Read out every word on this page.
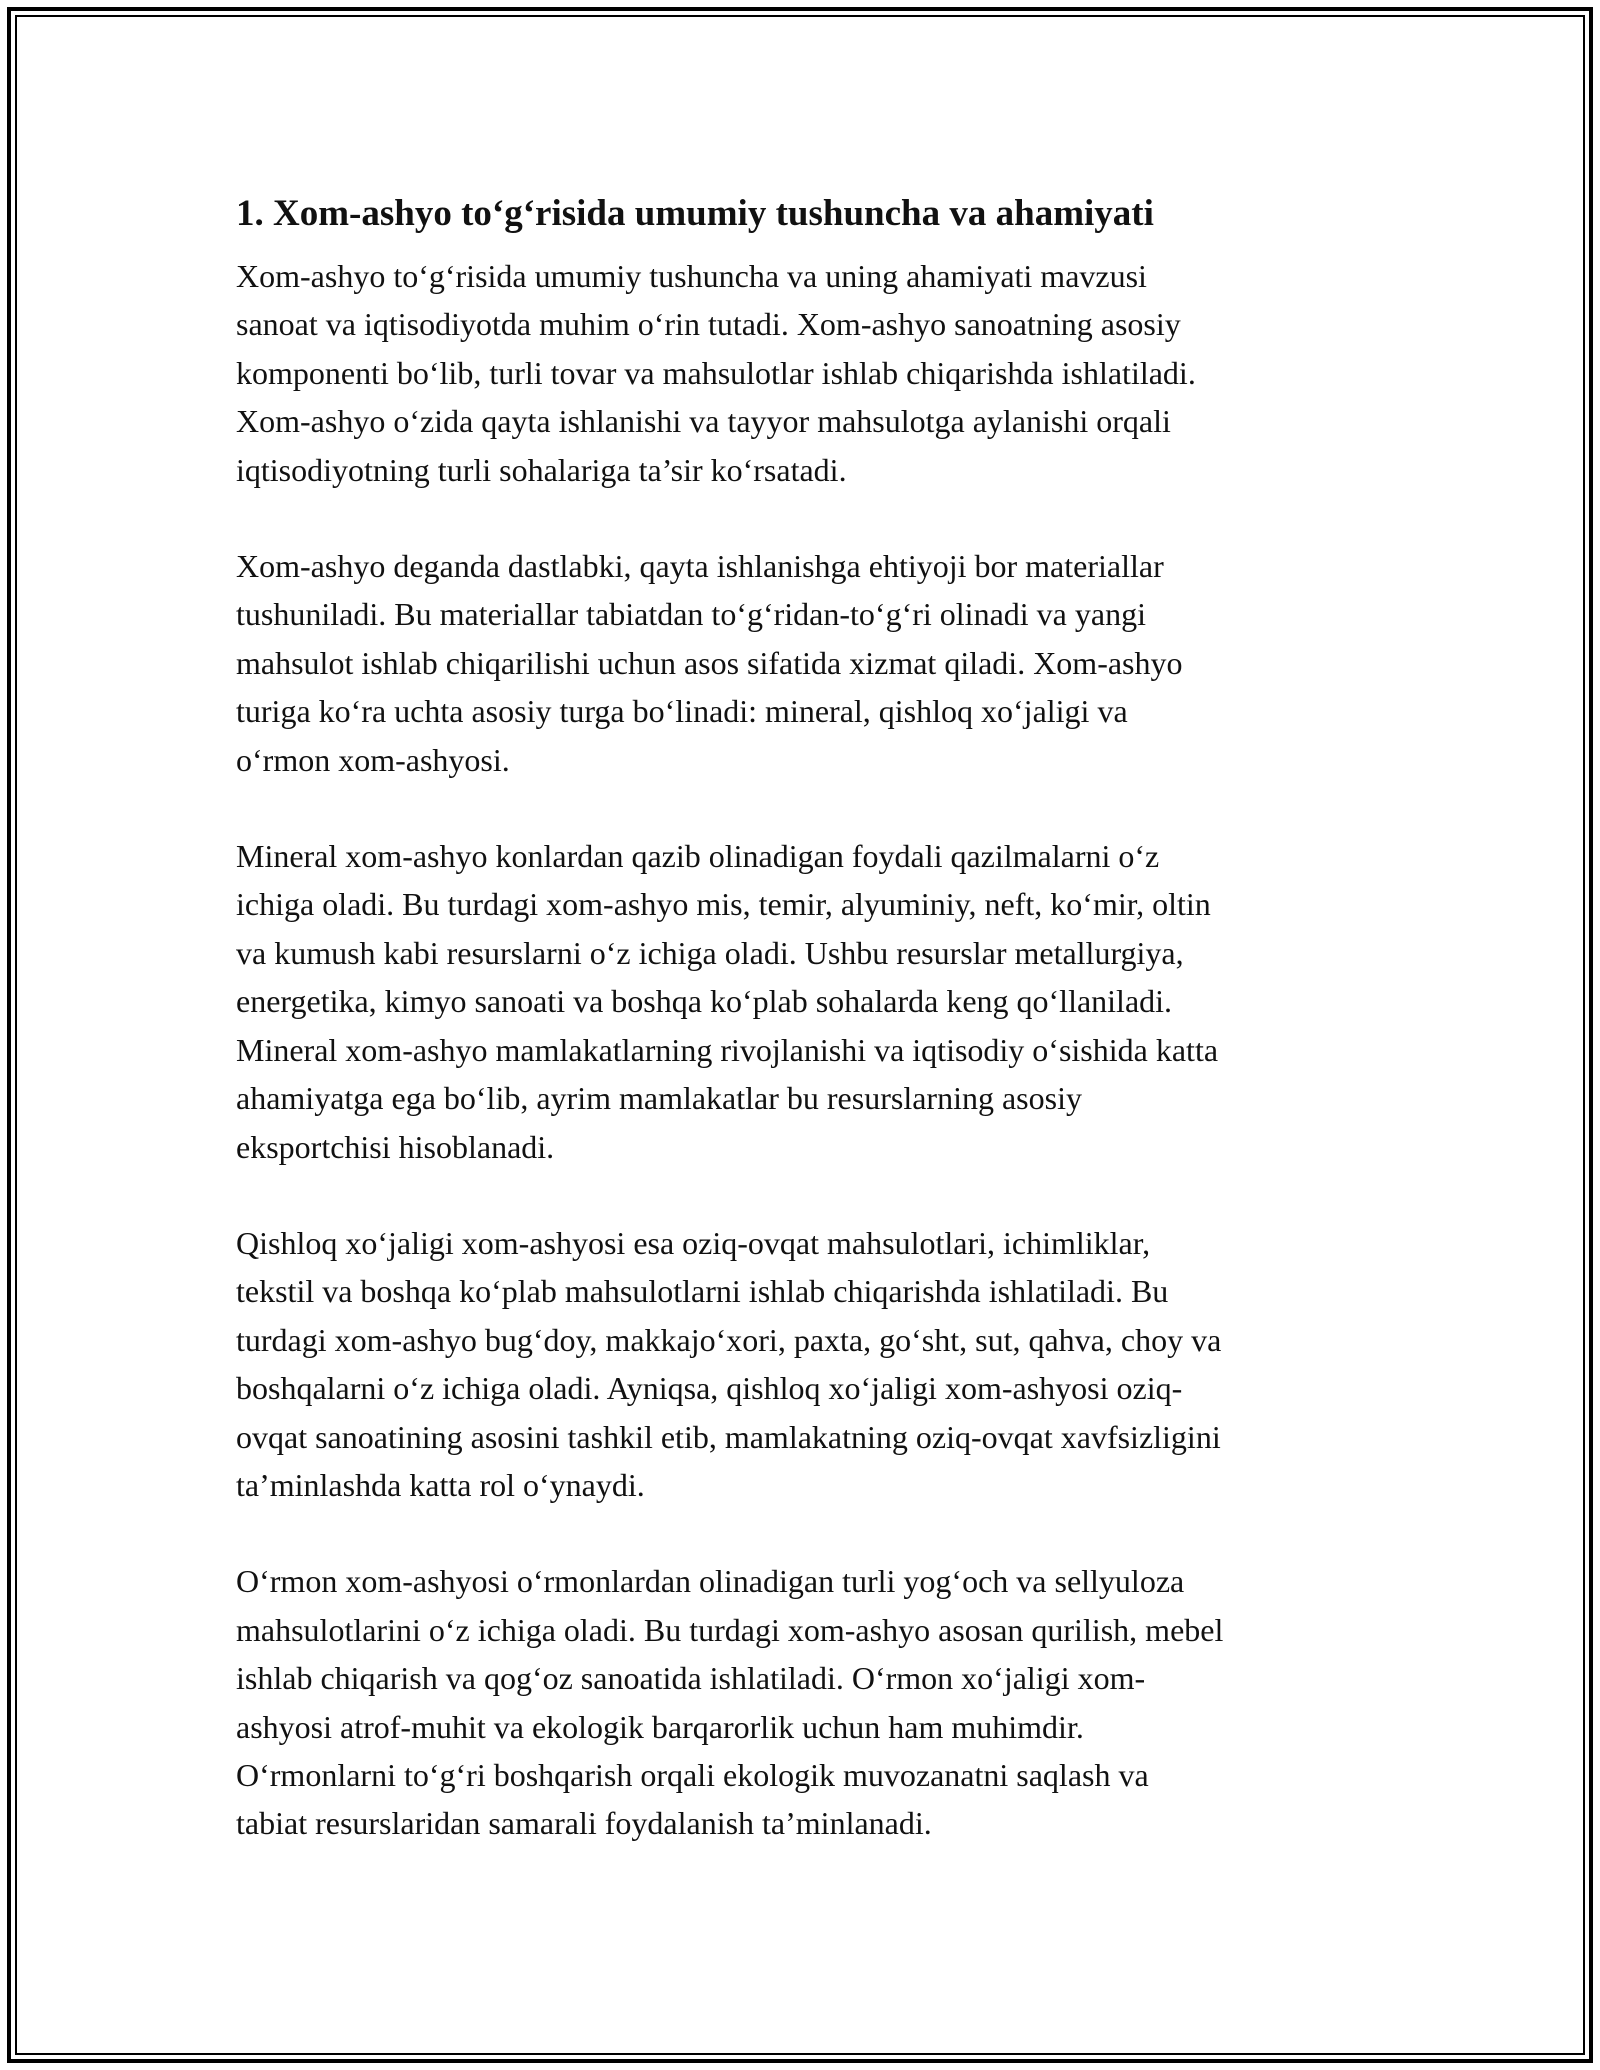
1. Xom-ashyo to‘g‘risida umumiy tushuncha va ahamiyati

Xom-ashyo to‘g‘risida umumiy tushuncha va uning ahamiyati mavzusi
sanoat va iqtisodiyotda muhim o‘rin tutadi. Xom-ashyo sanoatning asosiy
komponenti bo‘lib, turli tovar va mahsulotlar ishlab chiqarishda ishlatiladi.
Xom-ashyo o‘zida qayta ishlanishi va tayyor mahsulotga aylanishi orqali
iqtisodiyotning turli sohalariga ta’sir ko‘rsatadi.

Xom-ashyo deganda dastlabki, qayta ishlanishga ehtiyoji bor materiallar
tushuniladi. Bu materiallar tabiatdan to‘g‘ridan-to‘g‘ri olinadi va yangi
mahsulot ishlab chiqarilishi uchun asos sifatida xizmat qiladi. Xom-ashyo
turiga ko‘ra uchta asosiy turga bo‘linadi: mineral, qishloq xo‘jaligi va
o‘rmon xom-ashyosi.

Mineral xom-ashyo konlardan qazib olinadigan foydali qazilmalarni o‘z
ichiga oladi. Bu turdagi xom-ashyo mis, temir, alyuminiy, neft, ko‘mir, oltin
va kumush kabi resurslarni o‘z ichiga oladi. Ushbu resurslar metallurgiya,
energetika, kimyo sanoati va boshqa ko‘plab sohalarda keng qo‘llaniladi.
Mineral xom-ashyo mamlakatlarning rivojlanishi va iqtisodiy o‘sishida katta
ahamiyatga ega bo‘lib, ayrim mamlakatlar bu resurslarning asosiy
eksportchisi hisoblanadi.

Qishloq xo‘jaligi xom-ashyosi esa oziq-ovqat mahsulotlari, ichimliklar,
tekstil va boshqa ko‘plab mahsulotlarni ishlab chiqarishda ishlatiladi. Bu
turdagi xom-ashyo bug‘doy, makkajo‘xori, paxta, go‘sht, sut, qahva, choy va
boshqalarni o‘z ichiga oladi. Ayniqsa, qishloq xo‘jaligi xom-ashyosi oziq-
ovqat sanoatining asosini tashkil etib, mamlakatning oziq-ovqat xavfsizligini
ta’minlashda katta rol o‘ynaydi.

O‘rmon xom-ashyosi o‘rmonlardan olinadigan turli yog‘och va sellyuloza
mahsulotlarini o‘z ichiga oladi. Bu turdagi xom-ashyo asosan qurilish, mebel
ishlab chiqarish va qog‘oz sanoatida ishlatiladi. O‘rmon xo‘jaligi xom-
ashyosi atrof-muhit va ekologik barqarorlik uchun ham muhimdir.
O‘rmonlarni to‘g‘ri boshqarish orqali ekologik muvozanatni saqlash va
tabiat resurslaridan samarali foydalanish ta’minlanadi.
